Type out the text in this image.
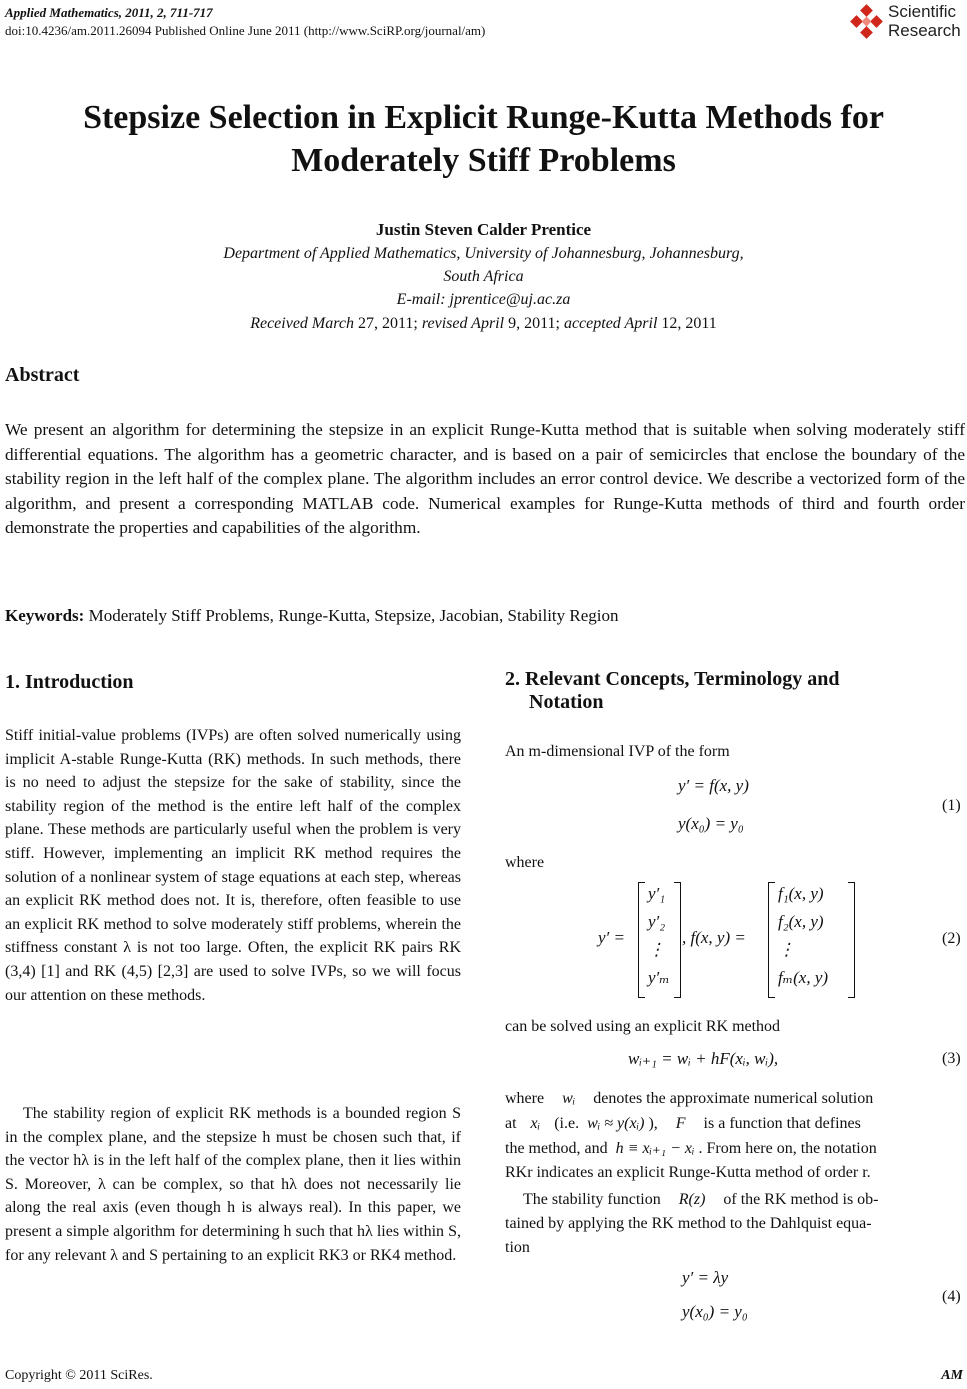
Applied Mathematics, 2011, 2, 711-717
doi:10.4236/am.2011.26094 Published Online June 2011 (http://www.SciRP.org/journal/am)
Scientific
Research
Stepsize Selection in Explicit Runge-Kutta Methods for
Moderately Stiff Problems
Justin Steven Calder Prentice
Department of Applied Mathematics, University of Johannesburg, Johannesburg,
South Africa
E-mail: jprentice@uj.ac.za
Received March 27, 2011; revised April 9, 2011; accepted April 12, 2011
Abstract
We present an algorithm for determining the stepsize in an explicit Runge-Kutta method that is suitable when solving moderately stiff differential equations. The algorithm has a geometric character, and is based on a pair of semicircles that enclose the boundary of the stability region in the left half of the complex plane. The algorithm includes an error control device. We describe a vectorized form of the algorithm, and present a corresponding MATLAB code. Numerical examples for Runge-Kutta methods of third and fourth order demonstrate the properties and capabilities of the algorithm.
Keywords: Moderately Stiff Problems, Runge-Kutta, Stepsize, Jacobian, Stability Region
1. Introduction
Stiff initial-value problems (IVPs) are often solved numerically using implicit A-stable Runge-Kutta (RK) methods. In such methods, there is no need to adjust the stepsize for the sake of stability, since the stability region of the method is the entire left half of the complex plane. These methods are particularly useful when the problem is very stiff. However, implementing an implicit RK method requires the solution of a nonlinear system of stage equations at each step, whereas an explicit RK method does not. It is, therefore, often feasible to use an explicit RK method to solve moderately stiff problems, wherein the stiffness constant λ is not too large. Often, the explicit RK pairs RK (3,4) [1] and RK (4,5) [2,3] are used to solve IVPs, so we will focus our attention on these methods.
The stability region of explicit RK methods is a bounded region S in the complex plane, and the stepsize h must be chosen such that, if the vector hλ is in the left half of the complex plane, then it lies within S. Moreover, λ can be complex, so that hλ does not necessarily lie along the real axis (even though h is always real). In this paper, we present a simple algorithm for determining h such that hλ lies within S, for any relevant λ and S pertaining to an explicit RK3 or RK4 method.
2. Relevant Concepts, Terminology and
Notation
An m-dimensional IVP of the form
y′ = f(x, y)
y(x₀) = y₀
(1)
where
y′ =
y′₁
y′₂
⋮
y′ₘ
, f(x, y) =
f₁(x, y)
f₂(x, y)
⋮
fₘ(x, y)
(2)
can be solved using an explicit RK method
wᵢ₊₁ = wᵢ + hF(xᵢ, wᵢ),	(3)
where wᵢ denotes the approximate numerical solution
at xᵢ (i.e. wᵢ ≈ y(xᵢ) ), F is a function that defines
the method, and h ≡ xᵢ₊₁ − xᵢ . From here on, the notation
RKr indicates an explicit Runge-Kutta method of order r.
The stability function R(z) of the RK method is ob-
tained by applying the RK method to the Dahlquist equa-
tion
y′ = λy
y(x₀) = y₀
(4)
Copyright © 2011 SciRes.	AM
